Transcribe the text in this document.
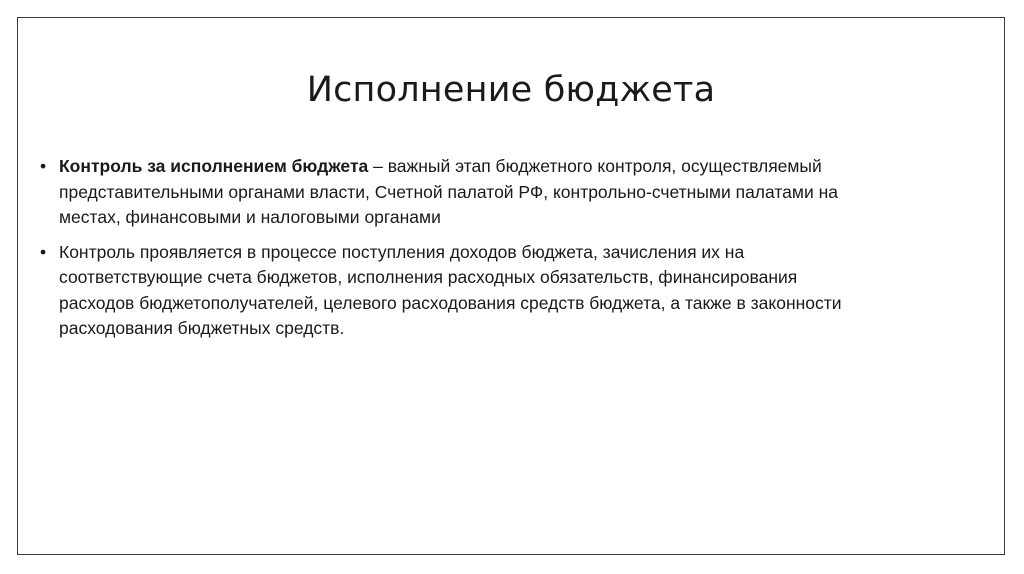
Исполнение бюджета
• Контроль за исполнением бюджета – важный этап бюджетного контроля, осуществляемый представительными органами власти, Счетной палатой РФ, контрольно-счетными палатами на местах, финансовыми и налоговыми органами
• Контроль проявляется в процессе поступления доходов бюджета, зачисления их на соответствующие счета бюджетов, исполнения расходных обязательств, финансирования расходов бюджетополучателей, целевого расходования средств бюджета, а также в законности расходования бюджетных средств.
